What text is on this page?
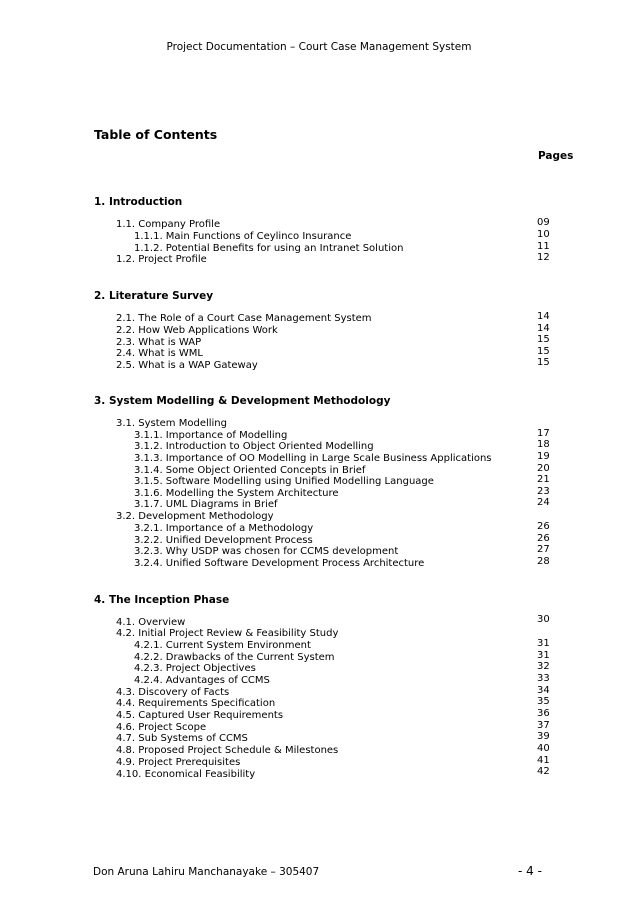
Project Documentation – Court Case Management System
Table of Contents
Pages
1. Introduction
2. Literature Survey
3. System Modelling & Development Methodology
4. The Inception Phase
1.1. Company Profile
1.1.1. Main Functions of Ceylinco Insurance
1.1.2. Potential Benefits for using an Intranet Solution
1.2. Project Profile
09
10
11
12
2.1. The Role of a Court Case Management System
2.2. How Web Applications Work
2.3. What is WAP
2.4. What is WML
2.5. What is a WAP Gateway
14
14
15
15
15
3.1. System Modelling
3.1.1. Importance of Modelling
3.1.2. Introduction to Object Oriented Modelling
3.1.3. Importance of OO Modelling in Large Scale Business Applications
3.1.4. Some Object Oriented Concepts in Brief
3.1.5. Software Modelling using Unified Modelling Language
3.1.6. Modelling the System Architecture
3.1.7. UML Diagrams in Brief
3.2. Development Methodology
3.2.1. Importance of a Methodology
3.2.2. Unified Development Process
3.2.3. Why USDP was chosen for CCMS development
3.2.4. Unified Software Development Process Architecture
17
18
19
20
21
23
24
26
26
27
28
4.1. Overview
4.2. Initial Project Review & Feasibility Study
4.2.1. Current System Environment
4.2.2. Drawbacks of the Current System
4.2.3. Project Objectives
4.2.4. Advantages of CCMS
4.3. Discovery of Facts
4.4. Requirements Specification
4.5. Captured User Requirements
4.6. Project Scope
4.7. Sub Systems of CCMS
4.8. Proposed Project Schedule & Milestones
4.9. Project Prerequisites
4.10. Economical Feasibility
30
31
31
32
33
34
35
36
37
39
40
41
42
Don Aruna Lahiru Manchanayake – 305407	- 4 -
